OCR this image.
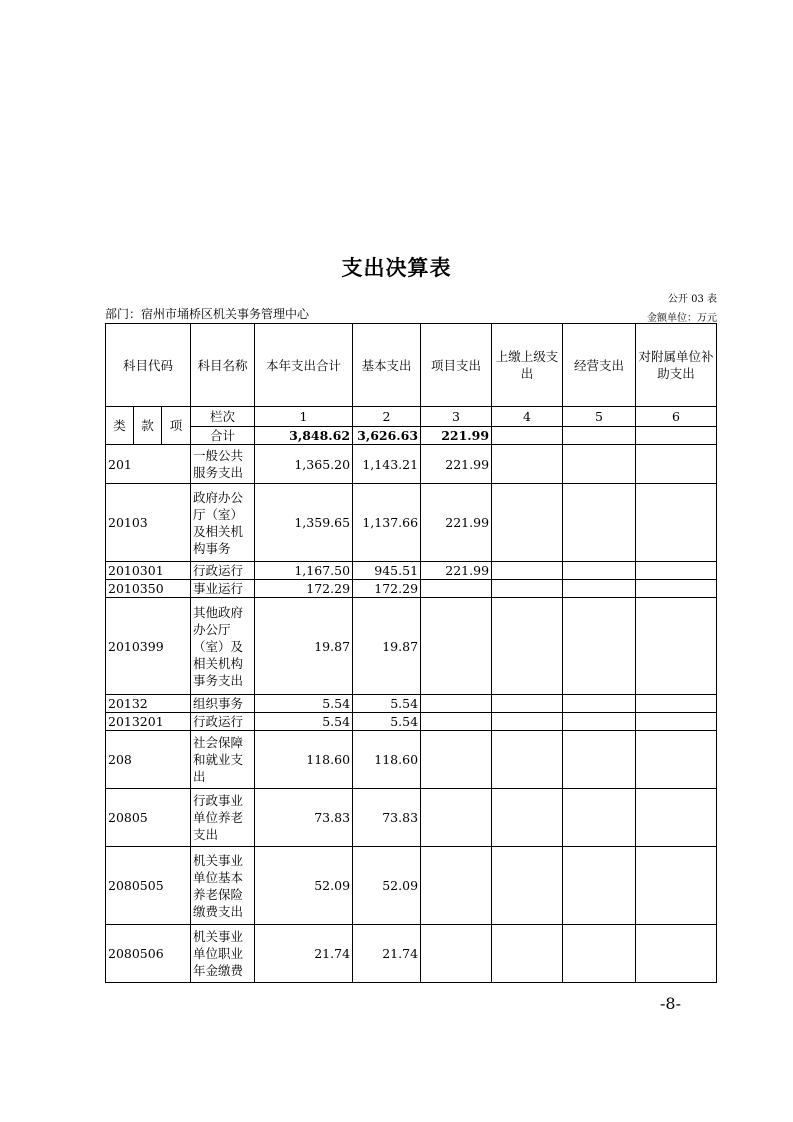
支出决算表
公开 03 表
部门：宿州市埇桥区机关事务管理中心	金额单位：万元
科目代码			科目名称	本年支出合计	基本支出	项目支出	上缴上级支出	经营支出	对附属单位补助支出
类	款	项	栏次	1	2	3	4	5	6
			合计	3,848.62	3,626.63	221.99			
201			一般公共服务支出	1,365.20	1,143.21	221.99			
20103			政府办公厅（室）及相关机构事务	1,359.65	1,137.66	221.99			
2010301			行政运行	1,167.50	945.51	221.99			
2010350			事业运行	172.29	172.29				
2010399			其他政府办公厅（室）及相关机构事务支出	19.87	19.87				
20132			组织事务	5.54	5.54				
2013201			行政运行	5.54	5.54				
208			社会保障和就业支出	118.60	118.60				
20805			行政事业单位养老支出	73.83	73.83				
2080505			机关事业单位基本养老保险缴费支出	52.09	52.09				
2080506			机关事业单位职业年金缴费	21.74	21.74				
-8-
